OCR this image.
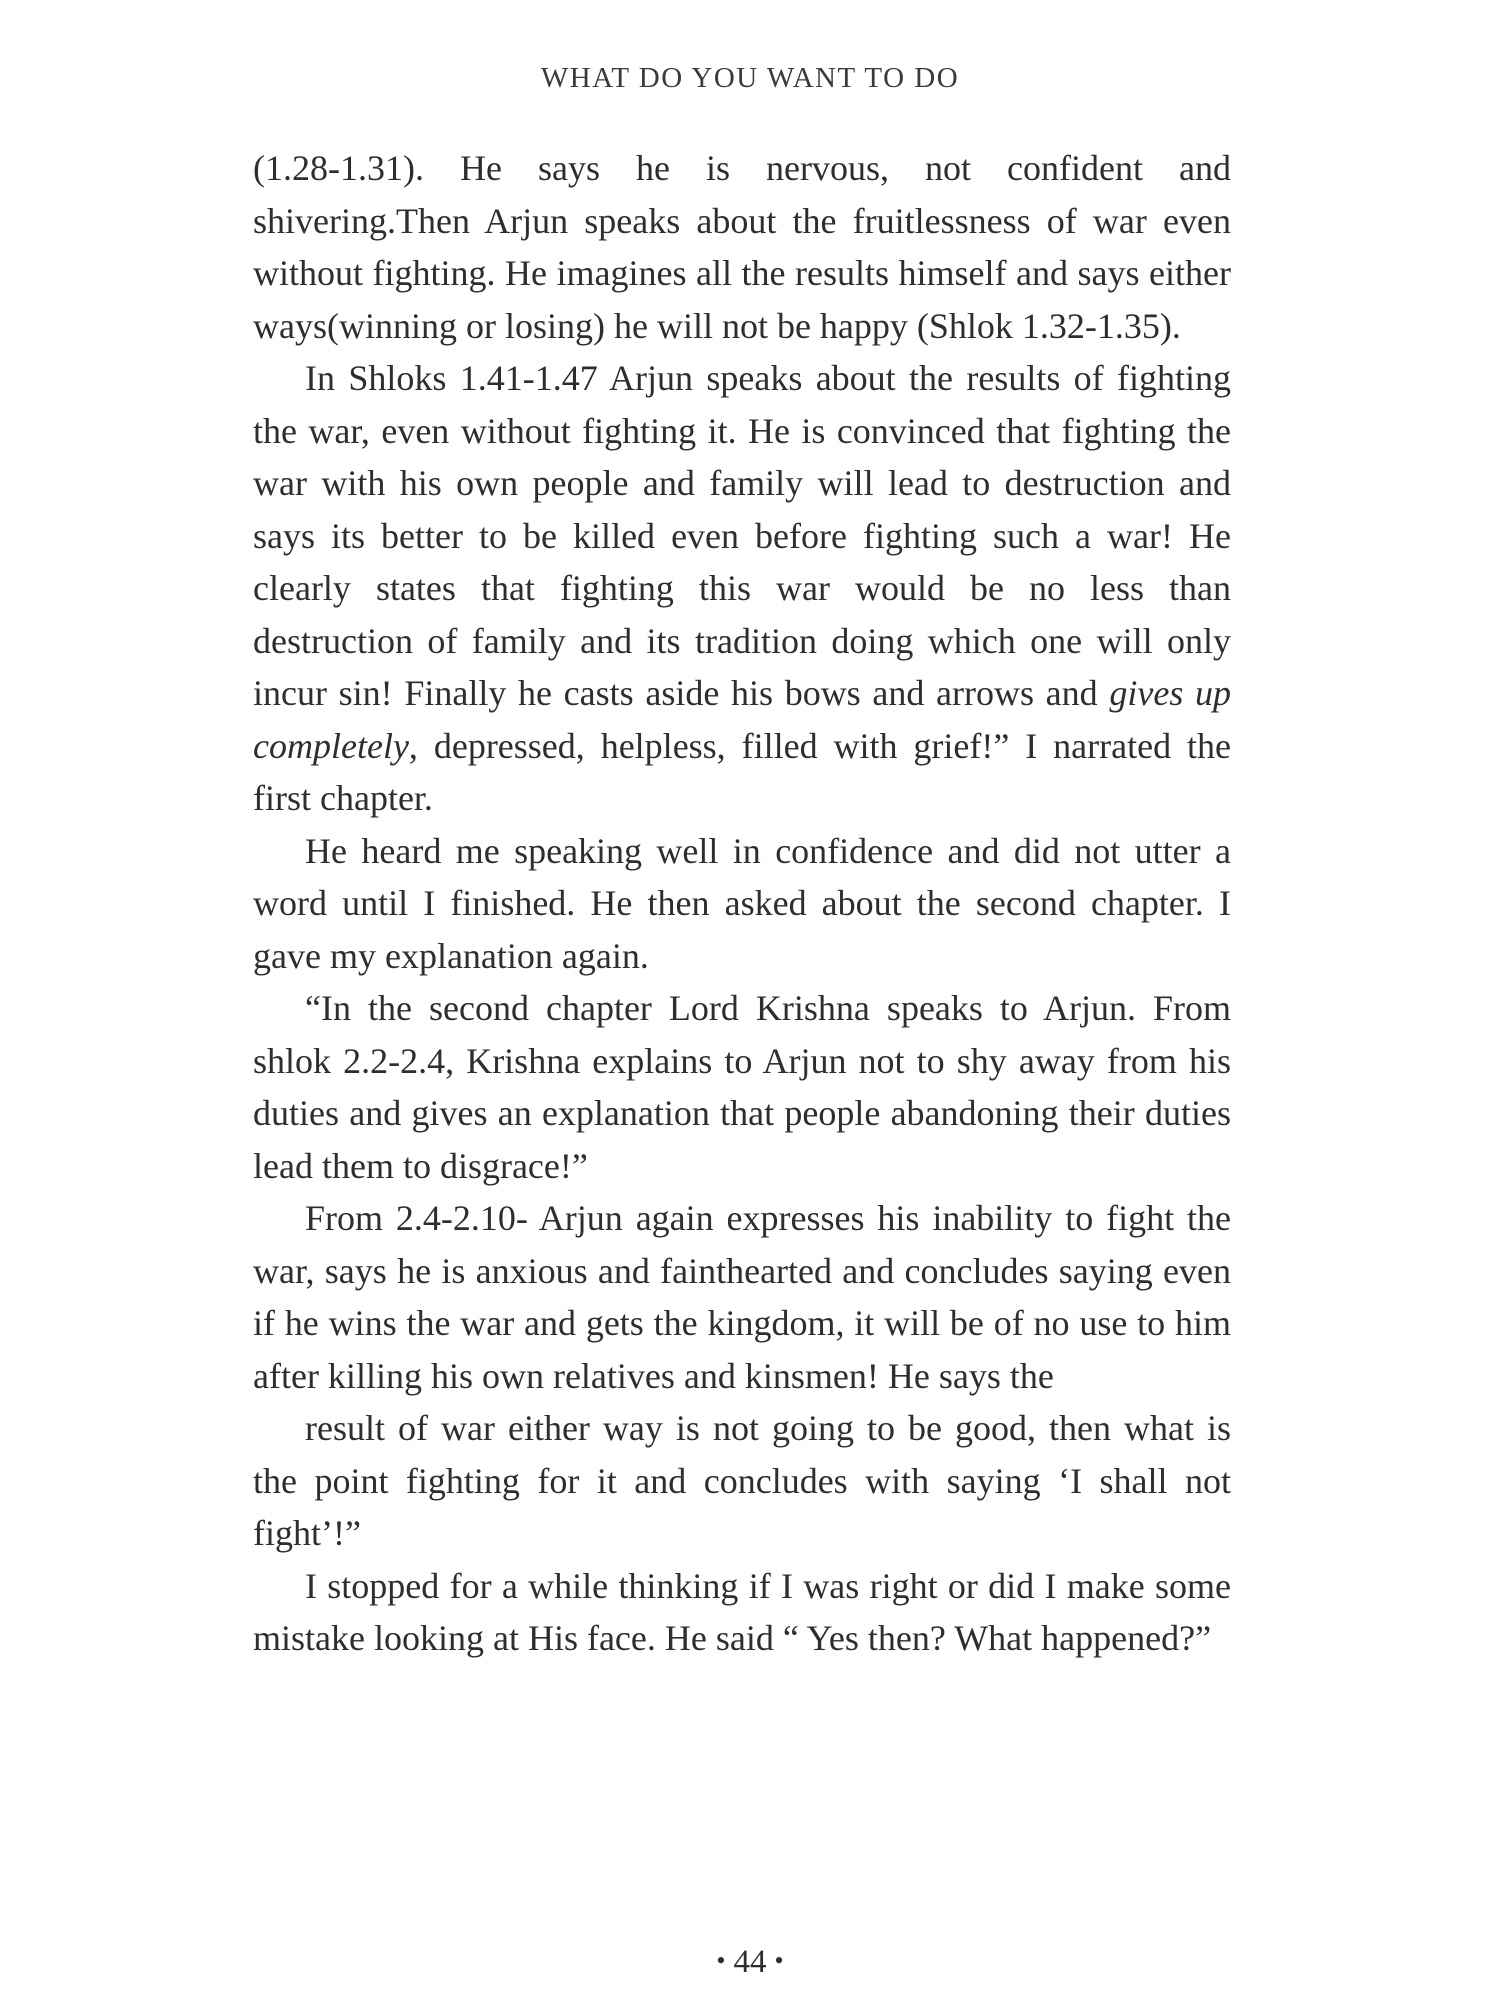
WHAT DO YOU WANT TO DO

(1.28-1.31). He says he is nervous, not confident and shivering.Then Arjun speaks about the fruitlessness of war even without fighting. He imagines all the results himself and says either ways(winning or losing) he will not be happy (Shlok 1.32-1.35).

In Shloks 1.41-1.47 Arjun speaks about the results of fighting the war, even without fighting it. He is convinced that fighting the war with his own people and family will lead to destruction and says its better to be killed even before fighting such a war! He clearly states that fighting this war would be no less than destruction of family and its tradition doing which one will only incur sin! Finally he casts aside his bows and arrows and gives up completely, depressed, helpless, filled with grief!” I narrated the first chapter.

He heard me speaking well in confidence and did not utter a word until I finished. He then asked about the second chapter. I gave my explanation again.

“In the second chapter Lord Krishna speaks to Arjun. From shlok 2.2-2.4, Krishna explains to Arjun not to shy away from his duties and gives an explanation that people abandoning their duties lead them to disgrace!”

From 2.4-2.10- Arjun again expresses his inability to fight the war, says he is anxious and fainthearted and concludes saying even if he wins the war and gets the kingdom, it will be of no use to him after killing his own relatives and kinsmen! He says the

result of war either way is not going to be good, then what is the point fighting for it and concludes with saying ‘I shall not fight’!”

I stopped for a while thinking if I was right or did I make some mistake looking at His face. He said “ Yes then? What happened?”

• 44 •
